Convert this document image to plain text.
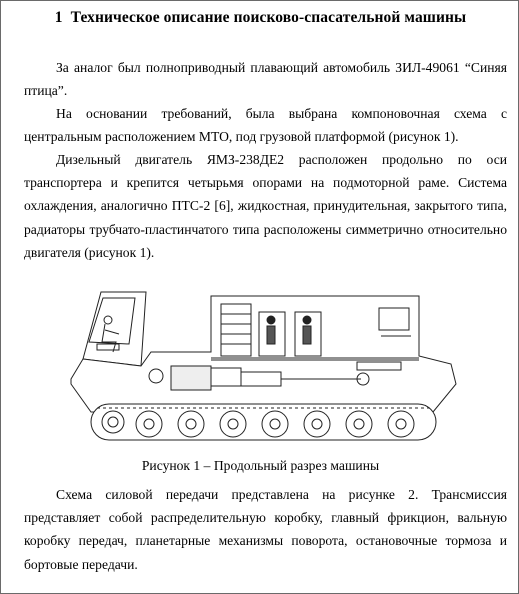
1 Техническое описание поисково-спасательной машины

За аналог был полноприводный плавающий автомобиль ЗИЛ-49061 “Синяя птица”.

На основании требований, была выбрана компоновочная схема с центральным расположением МТО, под грузовой платформой (рисунок 1).

Дизельный двигатель ЯМЗ-238ДЕ2 расположен продольно по оси транспортера и крепится четырьмя опорами на подмоторной раме. Система охлаждения, аналогично ПТС-2 [6], жидкостная, принудительная, закрытого типа, радиаторы трубчато-пластинчатого типа расположены симметрично относительно двигателя (рисунок 1).

Рисунок 1 – Продольный разрез машины

Схема силовой передачи представлена на рисунке 2. Трансмиссия представляет собой распределительную коробку, главный фрикцион, вальную коробку передач, планетарные механизмы поворота, остановочные тормоза и бортовые передачи.
